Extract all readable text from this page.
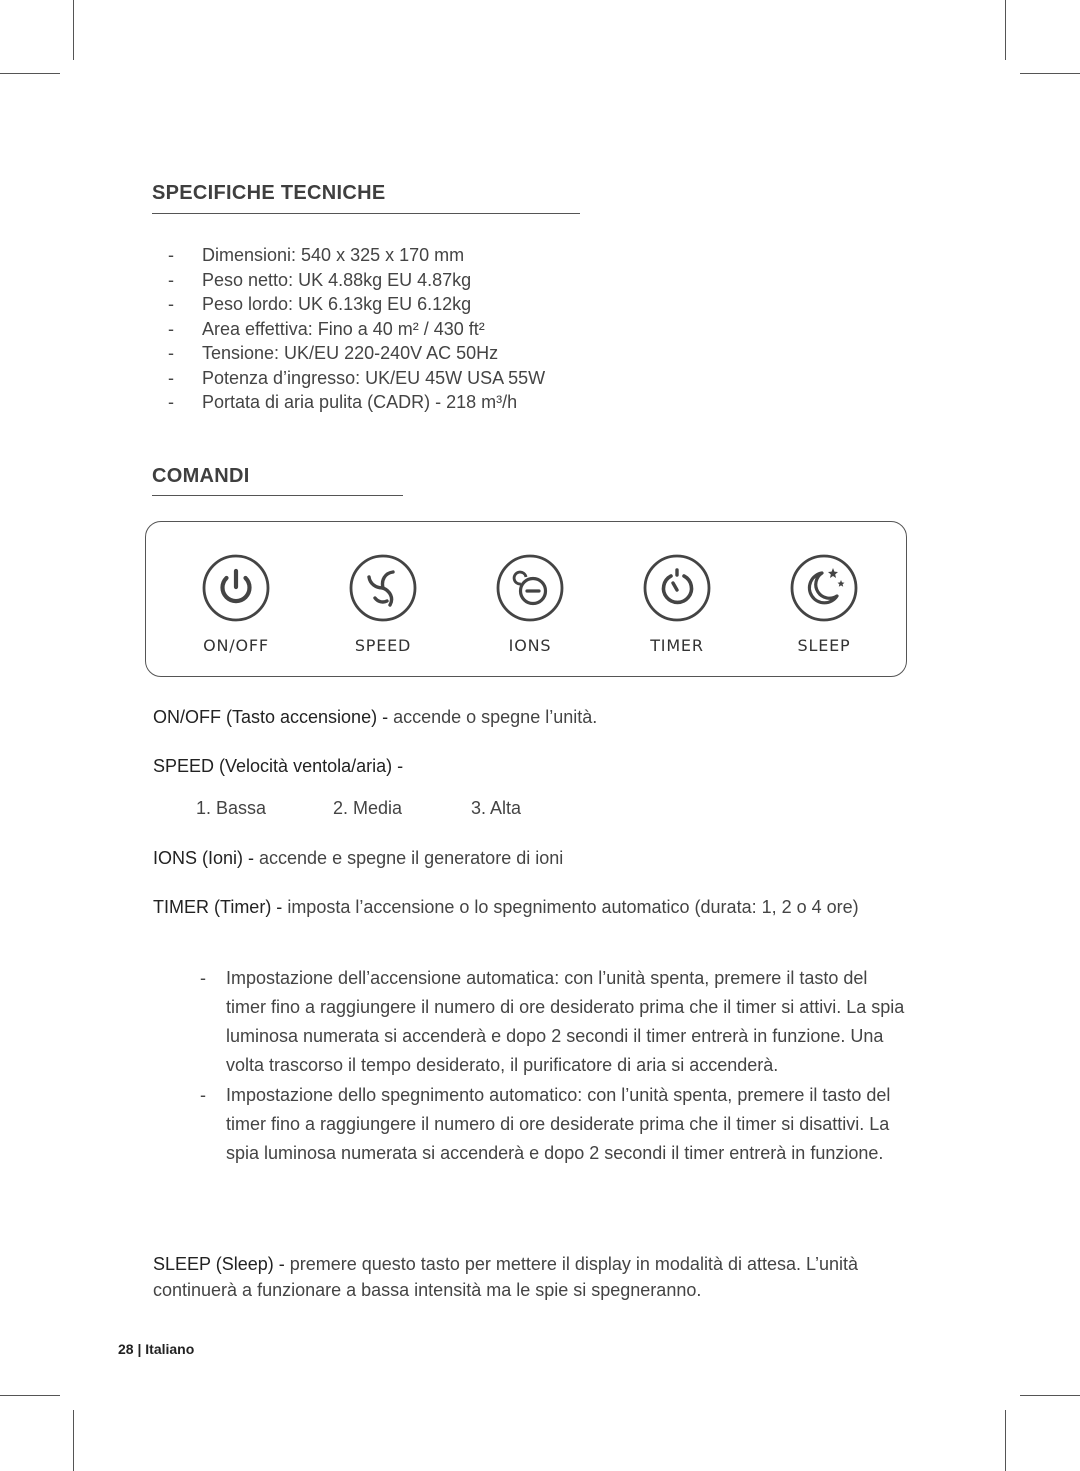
SPECIFICHE TECNICHE
-	Dimensioni: 540 x 325 x 170 mm
-	Peso netto: UK 4.88kg EU 4.87kg
-	Peso lordo: UK 6.13kg EU 6.12kg
-	Area effettiva: Fino a 40 m² / 430 ft²
-	Tensione: UK/EU 220-240V AC 50Hz
-	Potenza d’ingresso: UK/EU 45W USA 55W
-	Portata di aria pulita (CADR) - 218 m³/h
COMANDI
ON/OFF	SPEED	IONS	TIMER	SLEEP
ON/OFF (Tasto accensione) - accende o spegne l’unità.
SPEED (Velocità ventola/aria) -
1. Bassa	2. Media	3. Alta
IONS (Ioni) - accende e spegne il generatore di ioni
TIMER (Timer) - imposta l’accensione o lo spegnimento automatico (durata: 1, 2 o 4 ore)
- Impostazione dell’accensione automatica: con l’unità spenta, premere il tasto del timer fino a raggiungere il numero di ore desiderato prima che il timer si attivi. La spia luminosa numerata si accenderà e dopo 2 secondi il timer entrerà in funzione. Una volta trascorso il tempo desiderato, il purificatore di aria si accenderà.
- Impostazione dello spegnimento automatico: con l’unità spenta, premere il tasto del timer fino a raggiungere il numero di ore desiderate prima che il timer si disattivi. La spia luminosa numerata si accenderà e dopo 2 secondi il timer entrerà in funzione.
SLEEP (Sleep) - premere questo tasto per mettere il display in modalità di attesa. L’unità continuerà a funzionare a bassa intensità ma le spie si spegneranno.
28 | Italiano
